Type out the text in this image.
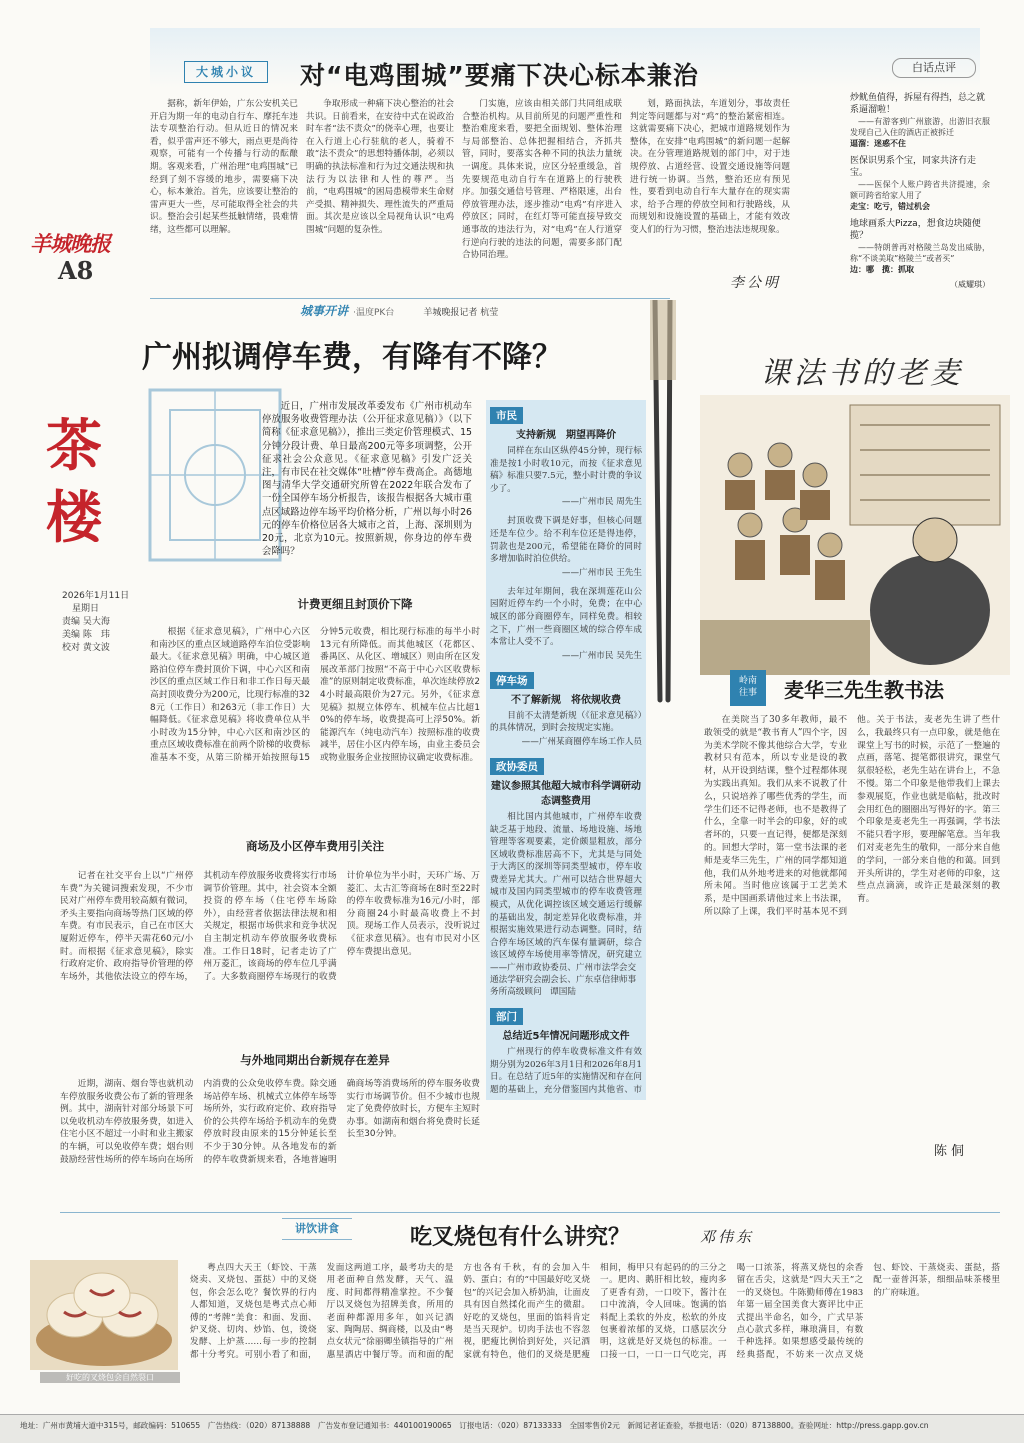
大城小议	对“电鸡围城”要痛下决心标本兼治
据称，新年伊始，广东公安机关已开启为期一年的电动自行车、摩托车违法专项整治行动。但从近日的情况来看，似乎雷声还不够大，雨点更是尚待观察，可能有一个传播与行动的酝酿期。客观来看，广州治理“电鸡围城”已经到了刻不容缓的地步，需要痛下决心，标本兼治。首先，应该要让整治的雷声更大一些，尽可能取得全社会的共识。整治会引起某些抵触情绪，畏难情绪，这些都可以理解。
争取形成一种痛下决心整治的社会共识。日前看来，在安待中式在说政治时车者“法不责众”的侥幸心理，也要让在入行道上心行驻航的老人，骑着不敢“法不责众”的思想特播体制，必须以明确的执法标准和行为过交通法规和执法行为以法律和人性的尊严。当前，“电鸡围城”的困局患模带来生命财产受损、精神损失、理性流失的严重局面。其次是应该以全局视角认识“电鸡围城”问题的复杂性。
门实施，应该由相关部门共同组成联合整治机构。从目前所见的问题严重性和整治难度来看，要把全面规划、整体治理与局部整治、总体把握相结合，齐抓共管，同时，要落实各种不同的执法力量统一调度。具体来说，应区分轻重缓急，首先要规范电动自行车在道路上的行驶秩序。加强交通信号管理、严格限速，出台停放管理办法，逐步推动“电鸡”有序进入停放区；同时，在红灯等可能直接导致交通事故的违法行为，对“电鸡”在人行道穿行逆向行驶的违法的问题，需要多部门配合协同治理。
划，路面执法，车道划分，事故责任判定等问题都与对“鸡”的整治紧密相连。这就需要痛下决心，把城市道路规划作为整体，在安排“电鸡围城”的新问题一起解决。在分管理道路规划的部门中，对于违规停放、占道经营、设置交通设施等问题进行统一协调。当然，整治还应有预见性，要看到电动自行车大量存在的现实需求，给予合理的停放空间和行驶路线，从而规划和设施设置的基础上，才能有效改变人们的行为习惯，整治违法违规现象。
李公明
羊城晚报
A8
茶楼
2026年1月11日
星期日
责编 吴大海
美编 陈　玮
校对 黄文波
白话点评
炒鱿鱼值得，拆屋有得挡，总之就系逼溜啦！
——有游客到广州旅游，出游旧衣服发现自己入住的酒店正被拆迁
逼溜：迷惑不住
医保识男系个宝，同家共济冇走宝。
——医保个人账户跨省共济提速，余额可跨省给家人用了
走宝：吃亏，错过机会
地球画系大Pizza，想食边块随便揽？
——特朗普再对格陵兰岛发出威胁，称“不谈美取”格陵兰“或者买”
边：哪　揽：抓取
（威耀琪）
城事开讲 ·温度PK台	羊城晚报记者 杭莹
广州拟调停车费，有降有不降？
近日，广州市发展改革委发布《广州市机动车停放服务收费管理办法（公开征求意见稿）》（以下简称《征求意见稿》），推出三类定价管理模式、15分钟分段计费、单日最高200元等多项调整，公开征求社会公众意见。《征求意见稿》引发广泛关注，有市民在社交媒体“吐槽”停车费高企。高德地图与清华大学交通研究所曾在2022年联合发布了一份全国停车场分析报告，该报告根据各大城市重点区域路边停车场平均价格分析，广州以每小时26元的停车价格位居各大城市之首，上海、深圳则为20元，北京为10元。按照新规，你身边的停车费会降吗？
计费更细且封顶价下降
根据《征求意见稿》，广州中心六区和南沙区的重点区域道路停车泊位受影响最大。《征求意见稿》明确，中心城区道路泊位停车费封顶价下调，中心六区和南沙区的重点区域工作日和非工作日每天最高封顶收费分为200元，比现行标准的328元（工作日）和263元（非工作日）大幅降低。《征求意见稿》将收费单位从半小时改为15分钟，中心六区和南沙区的重点区域收费标准在前两个阶梯的收费标准基本不变，从第三阶梯开始按照每15分钟5元收费，相比现行标准的每半小时13元有所降低。而其他城区（花都区、番禺区、从化区、增城区）则由所在区发展改革部门按照“不高于中心六区收费标准”的原则制定收费标准，单次连续停放24小时最高限价为27元。另外，《征求意见稿》拟规立体停车、机械车位占比超10%的停车场，收费提高可上浮50%。新能源汽车（纯电动汽车）按照标准的收费减半，居住小区内停车场，由业主委员会或物业服务企业按照协议确定收费标准。
商场及小区停车费用引关注
记者在社交平台上以“广州停车费”为关键词搜索发现，不少市民对广州停车费用较高颇有微词，矛头主要指向商场等热门区域的停车费。有市民表示，自己在市区大厦附近停车，停半天需花60元/小时。而根据《征求意见稿》，除实行政府定价、政府指导价管理的停车场外，其他依法设立的停车场，其机动车停放服务收费将实行市场调节价管理。其中，社会资本全额投资的停车场（住宅停车场除外），由经营者依据法律法规和相关规定，根据市场供求和竞争状况自主制定机动车停放服务收费标准。工作日18时，记者走访了广州万菱汇，该商场的停车位几乎满了。大多数商圈停车场现行的收费计价单位为半小时，天环广场、万菱汇、太古汇等商场在8时至22时的停车收费标准为16元/小时，部分商圈24小时最高收费上不封顶。现场工作人员表示，没听说过《征求意见稿》。也有市民对小区停车费提出意见。
与外地同期出台新规存在差异
近期，湖南、烟台等也就机动车停放服务收费公布了新的管理条例。其中，湖南针对部分场景下可以免收机动车停放服务费，如进入住宅小区不超过一小时和业主搬家的车辆，可以免收停车费；烟台则鼓励经营性场所的停车场向在场所内消费的公众免收停车费。除交通场站停车场、机械式立体停车场等场所外，实行政府定价、政府指导价的公共停车场给予机动车的免费停放时段由原来的15分钟延长至不少于30分钟。从各地发布的新的停车收费新规来看，各地普遍明确商场等消费场所的停车服务收费实行市场调节价。但不少城市也规定了免费停放时长，方便车主短时办事。如湖南和烟台将免费时长延长至30分钟。
市民
支持新规　期望再降价
同样在东山区纵停45分钟，现行标准是按1小时收10元，而按《征求意见稿》标准只要7.5元，整小时计费的争议少了。
——广州市民 周先生
封顶收费下调是好事，但核心问题还是车位少。给不利车位还是得违停，罚款也是200元，希望能在降价的同时多增加临时泊位供给。
——广州市民 王先生
去年过年期间，我在深圳莲花山公园附近停车约一个小时，免费；在中心城区的部分商圈停车，同样免费。相较之下，广州一些商圈区域的综合停车成本常让人受不了。
——广州市民 吴先生
停车场
不了解新规　将依规收费
目前不太清楚新规（《征求意见稿》）的具体情况，到时会按规定实施。
——广州某商圈停车场工作人员
政协委员
建议参照其他超大城市科学调研动态调整费用
相比国内其他城市，广州停车收费缺乏基于地段、流量、场地设施、场地管理等客观要素，定价颇显粗放，部分区域收费标准居高不下，尤其是与同处于大湾区的深圳等同类型城市，停车收费差异尤其大。广州可以结合世界超大城市及国内同类型城市的停车收费管理模式，从优化调控该区域交通运行缓解的基础出发，制定差异化收费标准，并根据实施效果进行动态调整。同时，结合停车场区域的汽车保有量调研，综合该区域停车场使用率等情况，研究建立
——广州市政协委员、广州市法学会交通法学研究会副会长、广东卓信律师事务所高级顾问　谭国陆
部门
总结近5年情况问题形成文件
广州现行的停车收费标准文件有效期分别为2026年3月1日和2026年8月1日。在总结了近5年的实施情况和存在问题的基础上，充分借鉴国内其他省、市
课法书的老麦
岭南
往事	麦华三先生教书法
在美院当了30多年教师，最不敢领受的就是“教书育人”四个字，因为美术学院不像其他综合大学，专业教材只有范本，所以专业是设的教材，从开设到结课，整个过程都体现为实践出真知。我们从来不说教了什么，只说培养了哪些优秀的学生，而学生们还不记得老师，也不是教得了什么，全靠一时半会的印象，好的或者坏的，只要一直记得，便都是深刻的。回想大学时，第一堂书法课的老师是麦华三先生，广州的同学都知道他，我们从外地考进来的对他就都闻所未闻。当时他应该属于工艺美术系，是中国画系请他过来上书法课，所以除了上课，我们平时基本见不到他。关于书法，麦老先生讲了些什么，我最终只有一点印象，就是他在课堂上写书的时候，示范了一整遍的点画，落笔、提笔都很讲究，课堂气氛很轻松，老先生站在讲台上，不急不慢。第二个印象是他带我们上课去参观展览，作业也就是临帖，批改时会用红色的圈圈出写得好的字。第三个印象是麦老先生一再强调，学书法不能只看字形，要理解笔意。当年我们对麦老先生的敬仰，一部分来自他的学问，一部分来自他的和蔼。回到开头所讲的，学生对老师的印象，这些点点滴滴，或许正是最深刻的教育。
陈侗
讲饮讲食	吃叉烧包有什么讲究？	邓伟东
好吃的叉烧包会自然裂口
粤点四大天王（虾饺、干蒸烧卖、叉烧包、蛋挞）中的叉烧包，你会怎么吃？餐饮界的行内人都知道，叉烧包是粤式点心师傅的“考牌”美食：和面、发面、炉叉烧、切肉、炒馅、包，烫烧发酵、上炉蒸……每一步的控制都十分考究。可别小看了和面，发面这两道工序，最考功夫的是用老面种自然发酵，天气、温度、时间都得精准掌控。不少餐厅以叉烧包为招牌美食，所用的老面种都源用多年，如兴记酒家、陶陶居、绸商楼，以及由“粤点女状元”徐丽卿坐镇指导的广州惠星酒店中餐厅等。而和面的配方也各有千秋，有的会加入牛奶、蛋白；有的“中国最好吃叉烧包”的兴记会加入桥奶油，让面皮具有因自然揉化而产生的微甜。好吃的叉烧包，里面的馅料肯定是当天现炉。切肉手法也不容忽视，肥瘦比例恰到好处，兴记酒家就有特色，他们的叉烧是肥瘦相间，梅甲只有起码的的三分之一。肥肉、鹅肝相比较，瘦肉多了更香有劲，一口咬下，酱汁在口中流淌，令人回味。饱满的馅料配上柔软的外皮，松软的外皮包裹着浓郁的叉烧，口感层次分明，这就是好叉烧包的标准。一口接一口，一口一口气吃完，再喝一口浓茶，将蒸叉烧包的余香留在舌尖，这就是“四大天王”之一的叉烧包。牛陈勤师傅在1983年第一届全国美食大赛评比中正式提出半命名，如今，广式早茶点心款式多样，琳琅满目，有数千种选择。如果想感受最传统的经典搭配，不妨来一次点叉烧包、虾饺、干蒸烧卖、蛋挞，搭配一壶普洱茶，细细品味茶楼里的广府味道。
地址：广州市黄埔大道中315号，邮政编码：510655　广告热线：（020）87138888　广告发布登记通知书：440100190065　订报电话：（020）87133333　全国零售价2元　新闻记者证查验，举报电话：（020）87138800。查验网址：http://press.gapp.gov.cn
